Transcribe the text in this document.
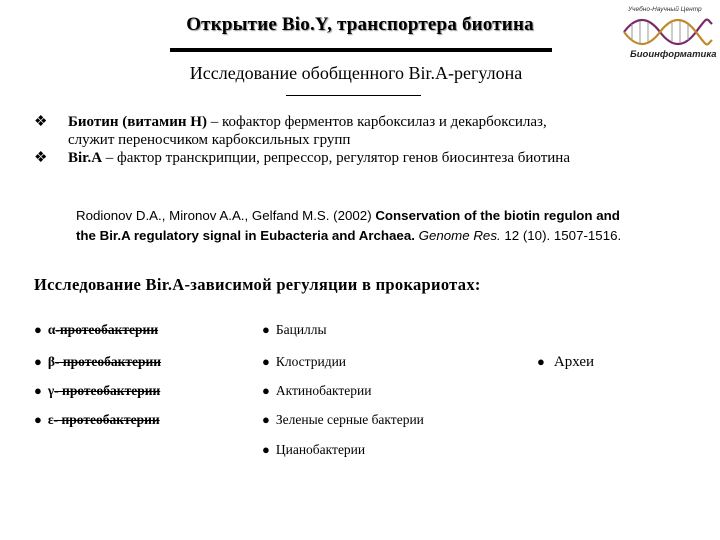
Открытие Bio.Y, транспортера биотина
Учебно-Научный Центр
Биоинформатика
Исследование обобщенного Bir.A-регулона
❖ Биотин (витамин H) – кофактор ферментов карбоксилаз и декарбоксилаз,
служит переносчиком карбоксильных групп
❖ Bir.A – фактор транскрипции, репрессор, регулятор генов биосинтеза биотина
Rodionov D.A., Mironov A.A., Gelfand M.S. (2002) Conservation of the biotin regulon and
the Bir.A regulatory signal in Eubacteria and Archaea. Genome Res. 12 (10). 1507-1516.
Исследование Bir.A-зависимой регуляции в прокариотах:
● α-протеобактерии
● β- протеобактерии
● γ- протеобактерии
● ε- протеобактерии
● Бациллы
● Клостридии
● Актинобактерии
● Зеленые серные бактерии
● Цианобактерии
● Археи
